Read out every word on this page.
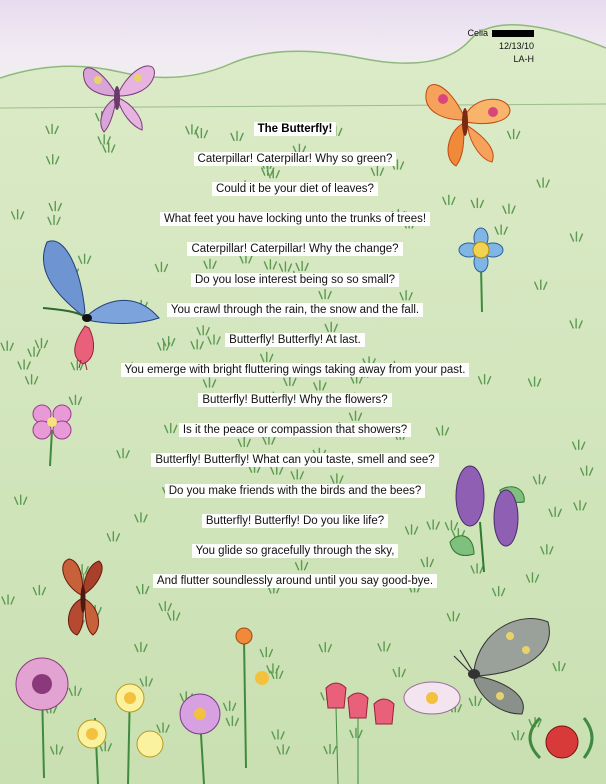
Celia
12/13/10
LA-H
The Butterfly!
Caterpillar! Caterpillar! Why so green?
Could it be your diet of leaves?
What feet you have locking unto the trunks of trees!
Caterpillar! Caterpillar! Why the change?
Do you lose interest being so so small?
You crawl through the rain, the snow and the fall.
Butterfly! Butterfly! At last.
You emerge with bright fluttering wings taking away from your past.
Butterfly! Butterfly! Why the flowers?
Is it the peace or compassion that showers?
Butterfly! Butterfly! What can you taste, smell and see?
Do you make friends with the birds and the bees?
Butterfly! Butterfly! Do you like life?
You glide so gracefully through the sky,
And flutter soundlessly around until you say good-bye.
